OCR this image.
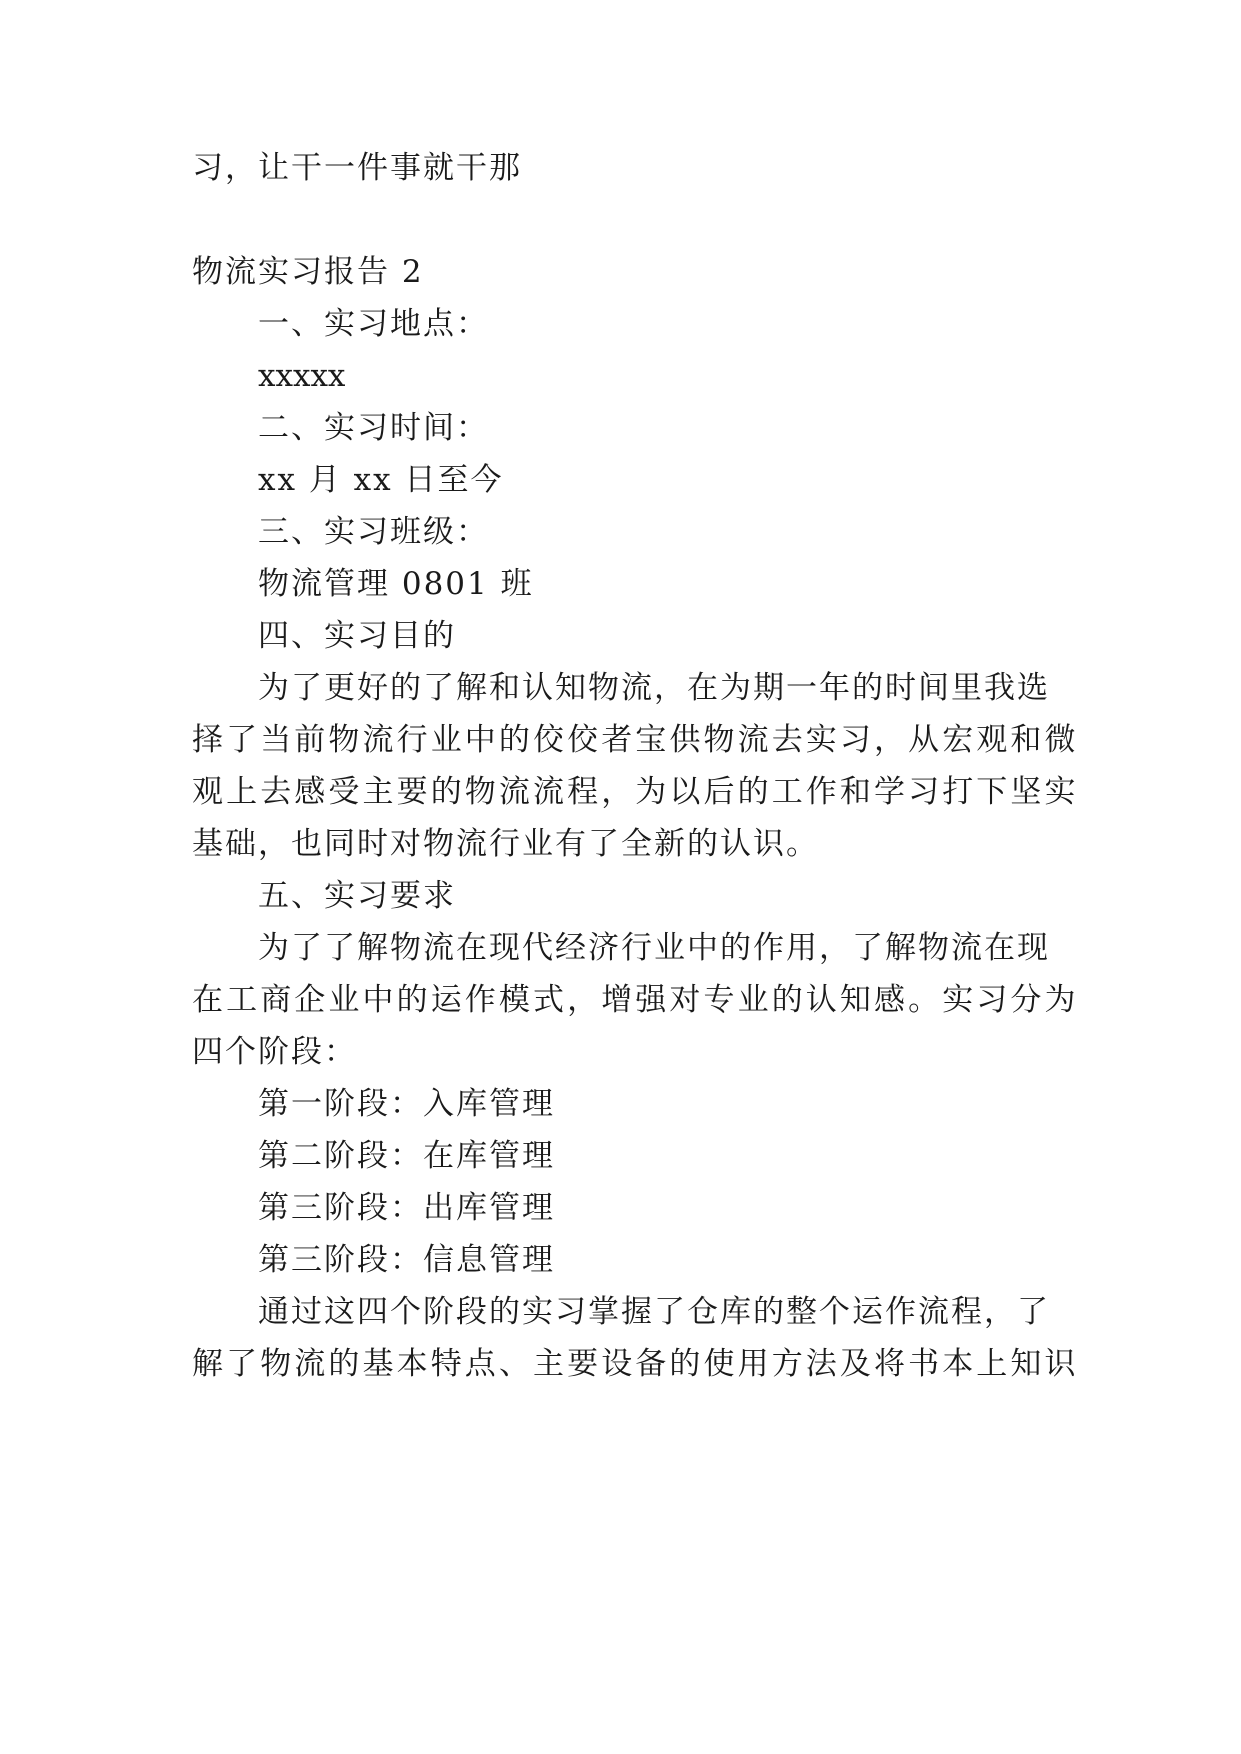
习，让干一件事就干那
物流实习报告 2
一、实习地点：
xxxxx
二、实习时间：
xx 月 xx 日至今
三、实习班级：
物流管理 0801 班
四、实习目的
为了更好的了解和认知物流，在为期一年的时间里我选
择了当前物流行业中的佼佼者宝供物流去实习，从宏观和微
观上去感受主要的物流流程，为以后的工作和学习打下坚实
基础，也同时对物流行业有了全新的认识。
五、实习要求
为了了解物流在现代经济行业中的作用，了解物流在现
在工商企业中的运作模式，增强对专业的认知感。实习分为
四个阶段：
第一阶段：入库管理
第二阶段：在库管理
第三阶段：出库管理
第三阶段：信息管理
通过这四个阶段的实习掌握了仓库的整个运作流程，了
解了物流的基本特点、主要设备的使用方法及将书本上知识
